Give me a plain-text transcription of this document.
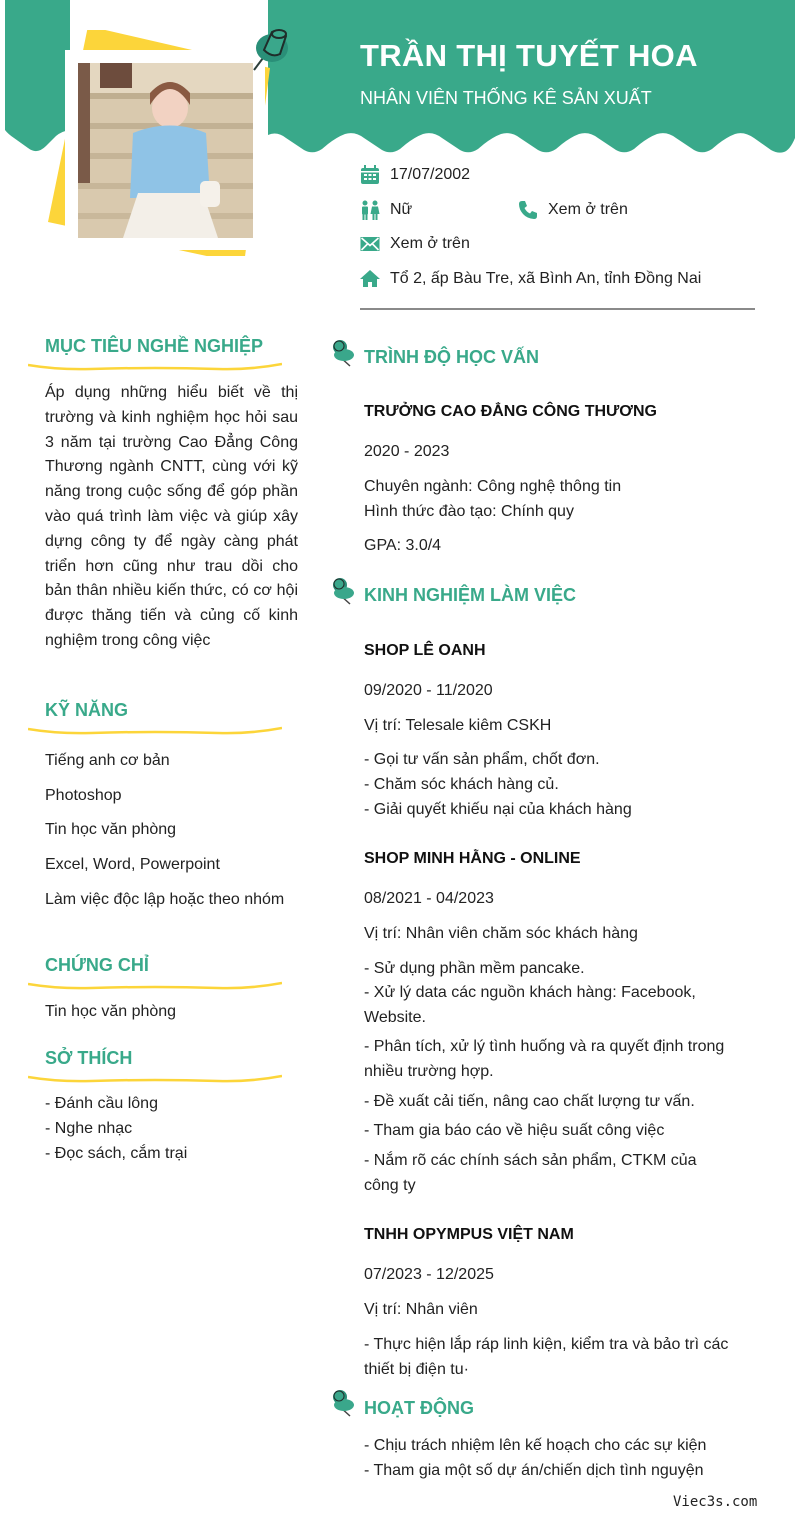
TRẦN THỊ TUYẾT HOA
NHÂN VIÊN THỐNG KÊ SẢN XUẤT
17/07/2002
Nữ	Xem ở trên
Xem ở trên
Tổ 2, ấp Bàu Tre, xã Bình An, tỉnh Đồng Nai
MỤC TIÊU NGHỀ NGHIỆP
Áp dụng những hiểu biết về thị trường và kinh nghiệm học hỏi sau 3 năm tại trường Cao Đẳng Công Thương ngành CNTT, cùng với kỹ năng trong cuộc sống để góp phần vào quá trình làm việc và giúp xây dựng công ty để ngày càng phát triển hơn cũng như trau dồi cho bản thân nhiều kiến thức, có cơ hội được thăng tiến và củng cố kinh nghiệm trong công việc
KỸ NĂNG
Tiếng anh cơ bản
Photoshop
Tin học văn phòng
Excel, Word, Powerpoint
Làm việc độc lập hoặc theo nhóm
CHỨNG CHỈ
Tin học văn phòng
SỞ THÍCH
- Đánh cầu lông
- Nghe nhạc
- Đọc sách, cắm trại
TRÌNH ĐỘ HỌC VẤN
TRƯỞNG CAO ĐẲNG CÔNG THƯƠNG
2020 - 2023
Chuyên ngành: Công nghệ thông tin
Hình thức đào tạo: Chính quy
GPA: 3.0/4
KINH NGHIỆM LÀM VIỆC
SHOP LÊ OANH
09/2020 - 11/2020
Vị trí: Telesale kiêm CSKH
- Gọi tư vấn sản phẩm, chốt đơn.
- Chăm sóc khách hàng củ.
- Giải quyết khiếu nại của khách hàng
SHOP MINH HẰNG - ONLINE
08/2021 - 04/2023
Vị trí: Nhân viên chăm sóc khách hàng
- Sử dụng phần mềm pancake.
- Xử lý data các nguồn khách hàng: Facebook, Website.
- Phân tích, xử lý tình huống và ra quyết định trong nhiều trường hợp.
- Đề xuất cải tiến, nâng cao chất lượng tư vấn.
- Tham gia báo cáo về hiệu suất công việc
- Nắm rõ các chính sách sản phẩm, CTKM của công ty
TNHH OPYMPUS VIỆT NAM
07/2023 - 12/2025
Vị trí: Nhân viên
- Thực hiện lắp ráp linh kiện, kiểm tra và bảo trì các thiết bị điện tu·
HOẠT ĐỘNG
- Chịu trách nhiệm lên kế hoạch cho các sự kiện
- Tham gia một số dự án/chiến dịch tình nguyện
Viec3s.com
